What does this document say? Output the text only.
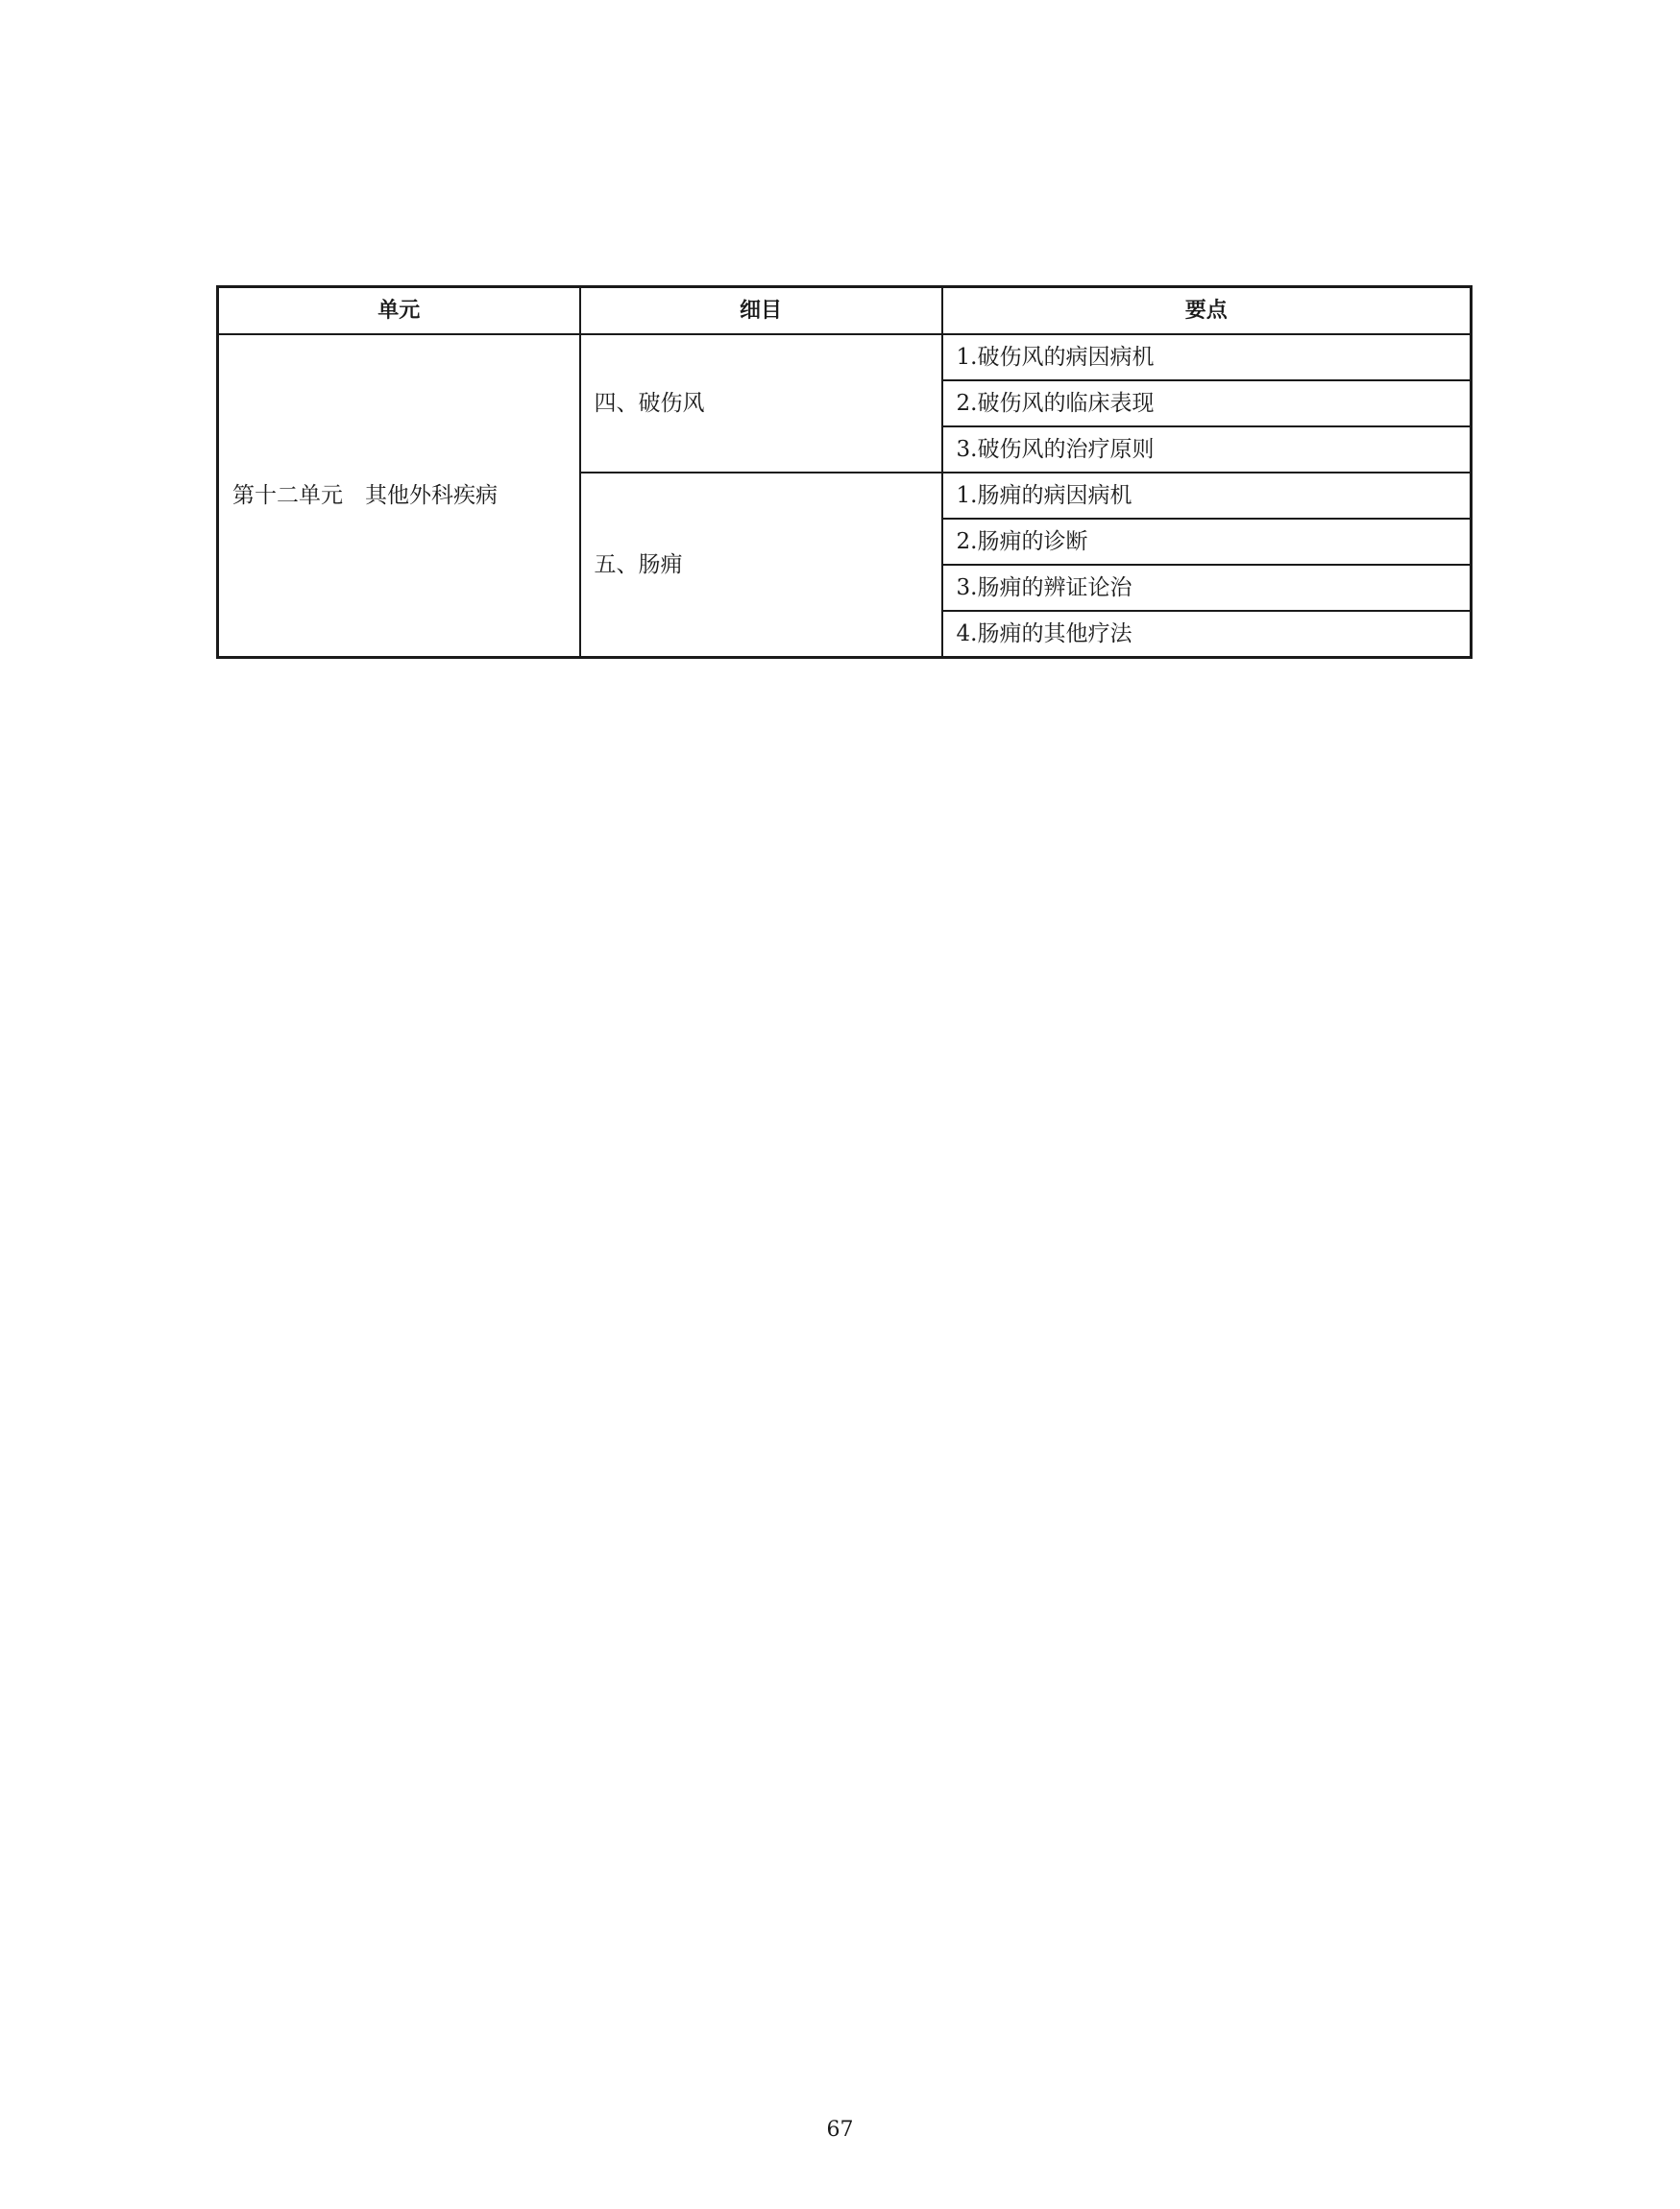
单元	细目	要点
第十二单元　其他外科疾病	四、破伤风	1.破伤风的病因病机
		2.破伤风的临床表现
		3.破伤风的治疗原则
	五、肠痈	1.肠痈的病因病机
		2.肠痈的诊断
		3.肠痈的辨证论治
		4.肠痈的其他疗法
67
